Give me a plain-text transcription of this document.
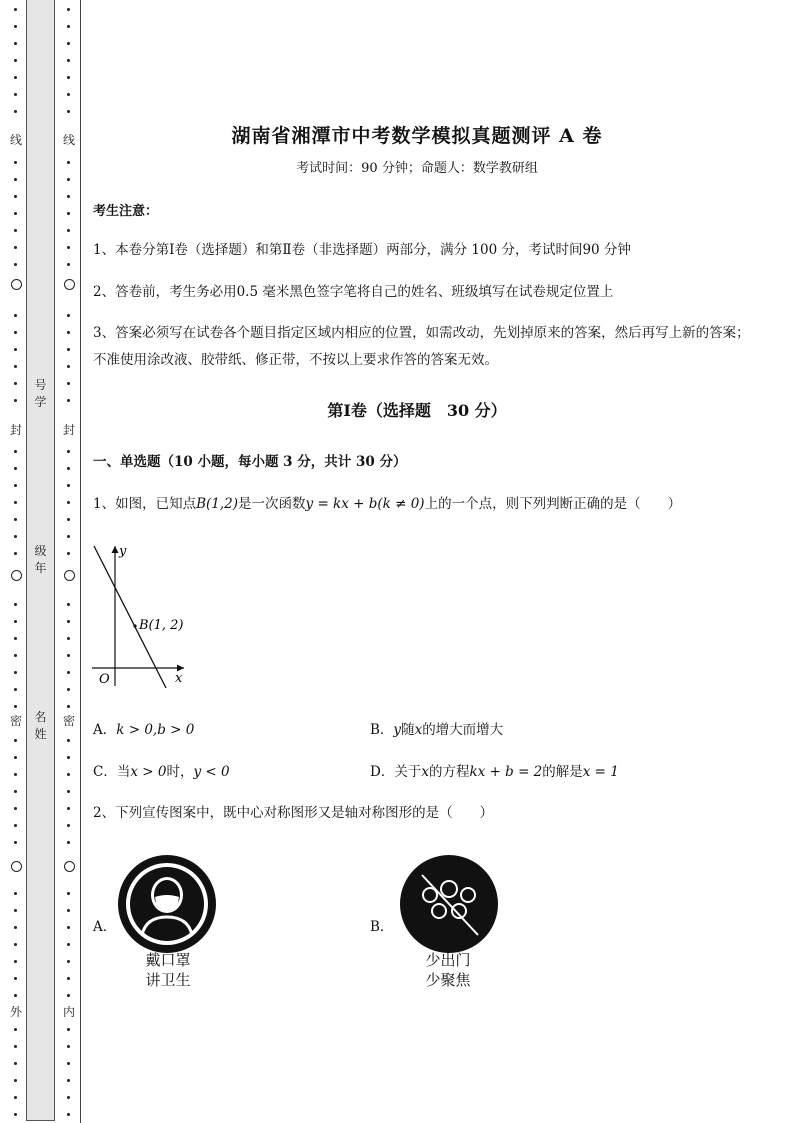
线
封
密
外
线
封
密
内
号
学
级
年
名
姓
湖南省湘潭市中考数学模拟真题测评 A 卷
考试时间：90 分钟；命题人：数学教研组
考生注意：
1、本卷分第Ⅰ卷（选择题）和第Ⅱ卷（非选择题）两部分，满分 100 分，考试时间90 分钟
2、答卷前，考生务必用0.5 毫米黑色签字笔将自己的姓名、班级填写在试卷规定位置上
3、答案必须写在试卷各个题目指定区域内相应的位置，如需改动，先划掉原来的答案，然后再写上新的答案；不准使用涂改液、胶带纸、修正带，不按以上要求作答的答案无效。
第Ⅰ卷（选择题　30 分）
一、单选题（10 小题，每小题 3 分，共计 30 分）
1、如图，已知点B(1,2)是一次函数y = kx + b(k ≠ 0)上的一个点，则下列判断正确的是（　　）
y
x
O
B(1, 2)
A．k > 0,b > 0	B．y随x的增大而增大
C．当x > 0时，y < 0	D．关于x的方程kx + b = 2的解是x = 1
2、下列宣传图案中，既中心对称图形又是轴对称图形的是（　　）
A．
戴口罩
讲卫生
B．
少出门
少聚焦
